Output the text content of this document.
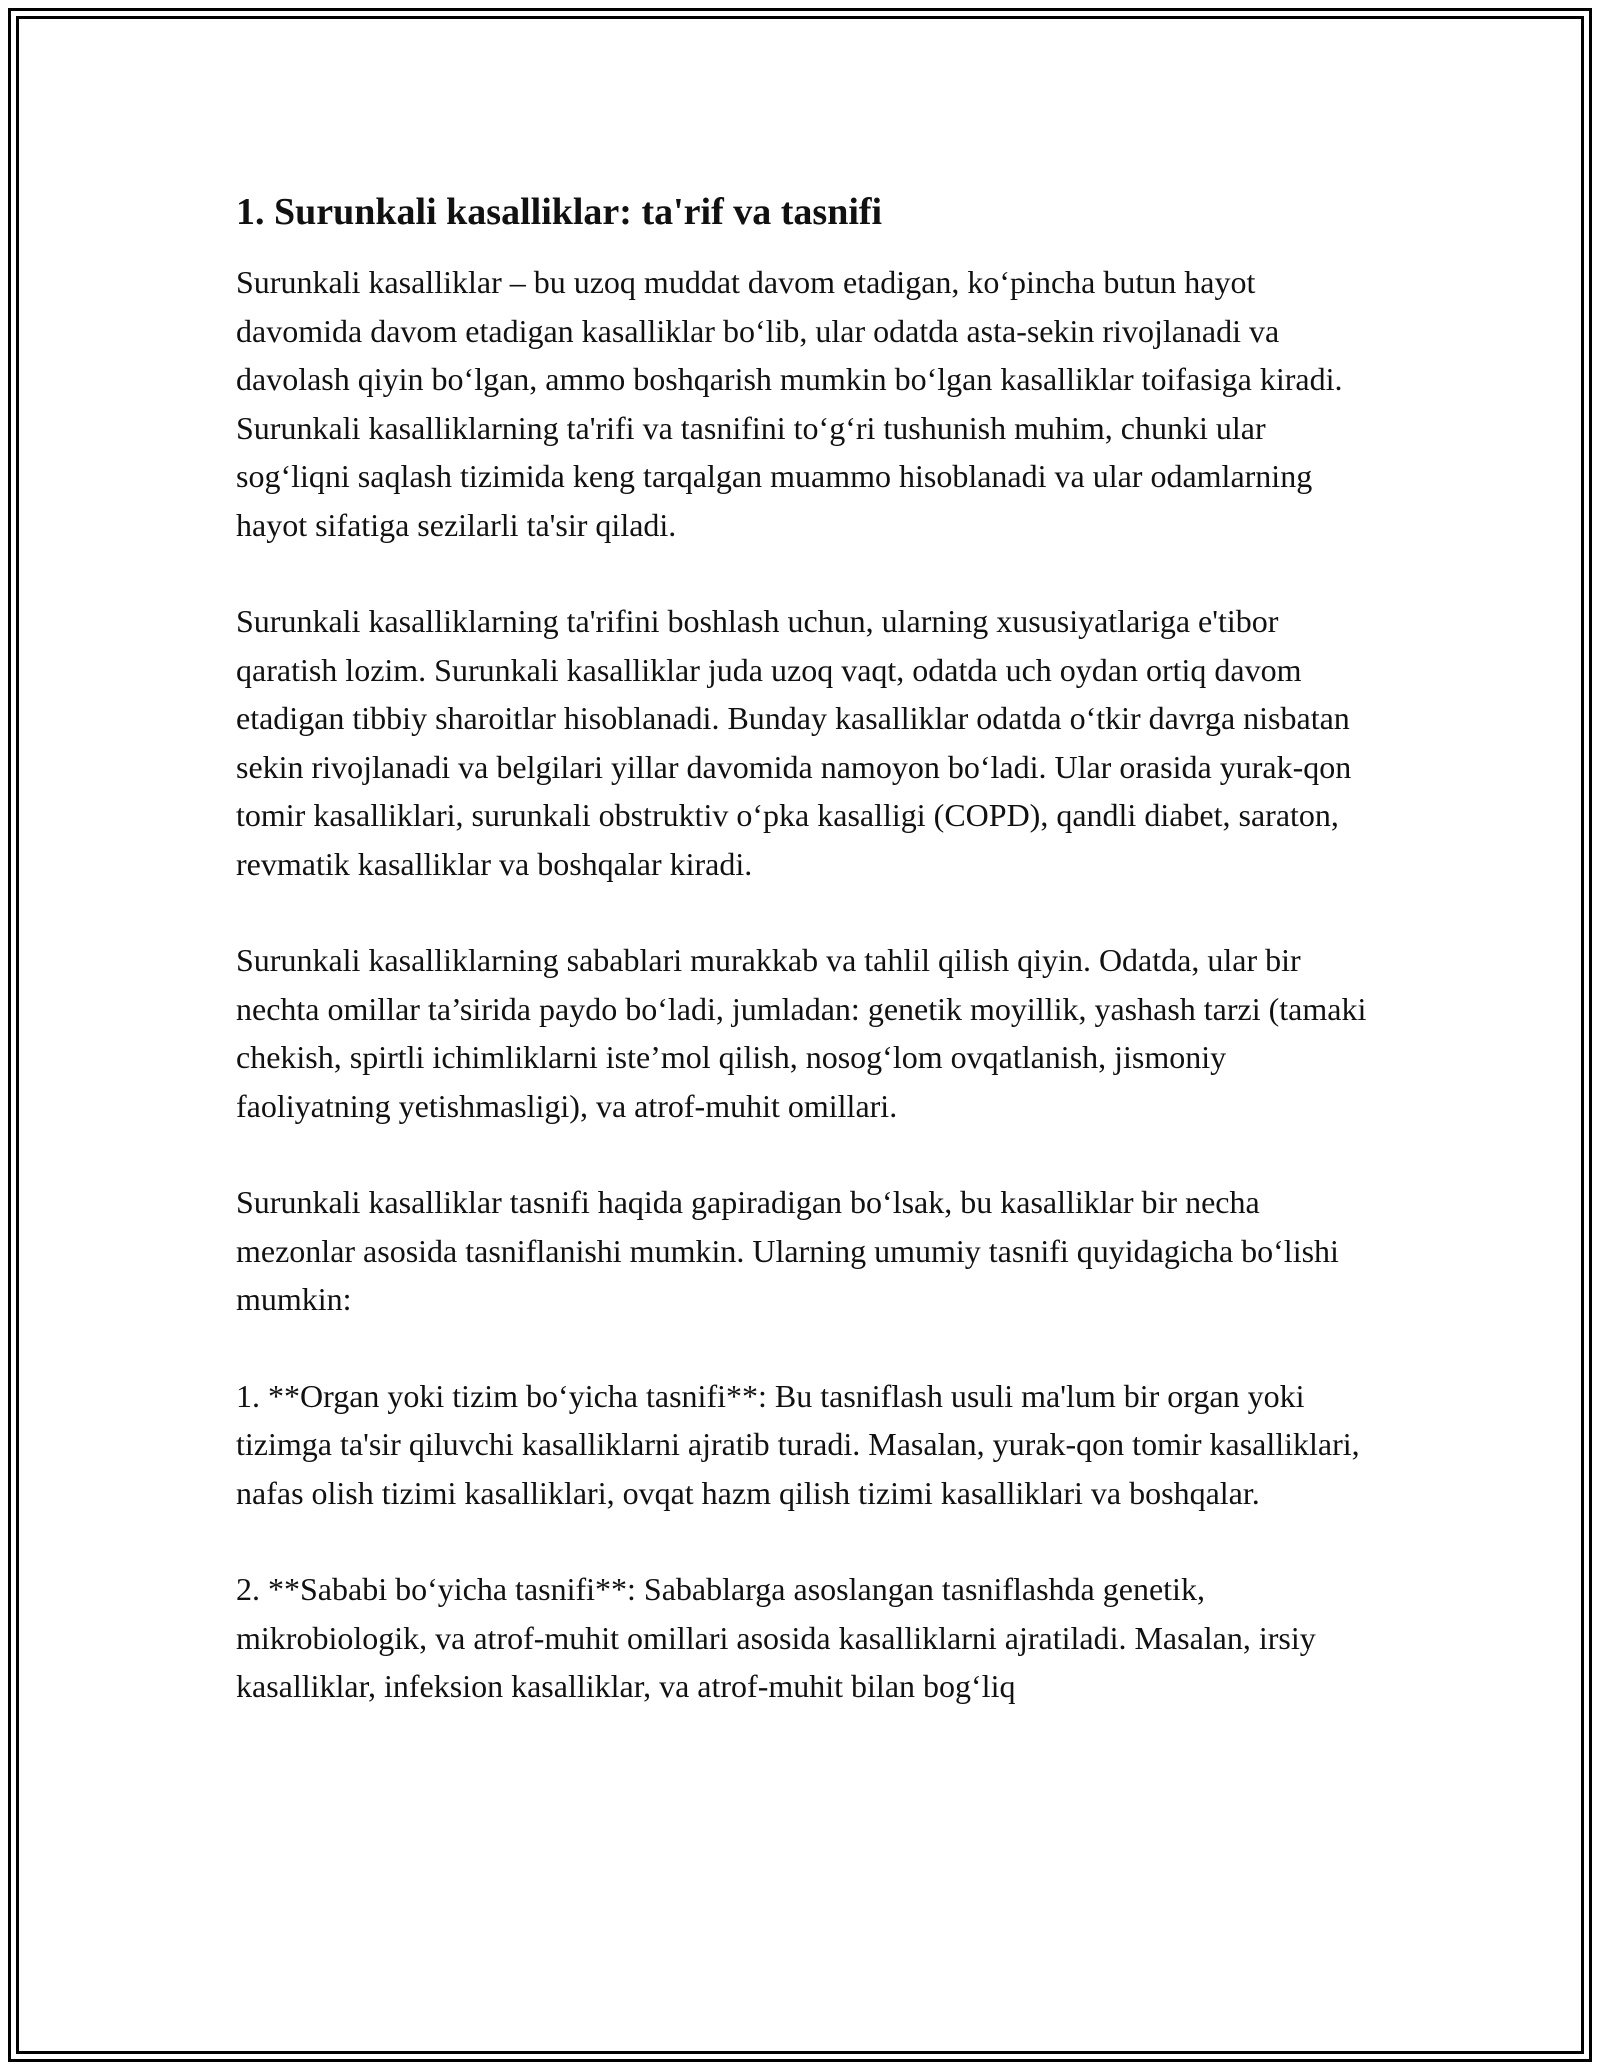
1. Surunkali kasalliklar: ta'rif va tasnifi

Surunkali kasalliklar – bu uzoq muddat davom etadigan, ko‘pincha butun hayot davomida davom etadigan kasalliklar bo‘lib, ular odatda asta-sekin rivojlanadi va davolash qiyin bo‘lgan, ammo boshqarish mumkin bo‘lgan kasalliklar toifasiga kiradi. Surunkali kasalliklarning ta'rifi va tasnifini to‘g‘ri tushunish muhim, chunki ular sog‘liqni saqlash tizimida keng tarqalgan muammo hisoblanadi va ular odamlarning hayot sifatiga sezilarli ta'sir qiladi.

Surunkali kasalliklarning ta'rifini boshlash uchun, ularning xususiyatlariga e'tibor qaratish lozim. Surunkali kasalliklar juda uzoq vaqt, odatda uch oydan ortiq davom etadigan tibbiy sharoitlar hisoblanadi. Bunday kasalliklar odatda o‘tkir davrga nisbatan sekin rivojlanadi va belgilari yillar davomida namoyon bo‘ladi. Ular orasida yurak-qon tomir kasalliklari, surunkali obstruktiv o‘pka kasalligi (COPD), qandli diabet, saraton, revmatik kasalliklar va boshqalar kiradi.

Surunkali kasalliklarning sabablari murakkab va tahlil qilish qiyin. Odatda, ular bir nechta omillar ta’sirida paydo bo‘ladi, jumladan: genetik moyillik, yashash tarzi (tamaki chekish, spirtli ichimliklarni iste’mol qilish, nosog‘lom ovqatlanish, jismoniy faoliyatning yetishmasligi), va atrof-muhit omillari.

Surunkali kasalliklar tasnifi haqida gapiradigan bo‘lsak, bu kasalliklar bir necha mezonlar asosida tasniflanishi mumkin. Ularning umumiy tasnifi quyidagicha bo‘lishi mumkin:

1. **Organ yoki tizim bo‘yicha tasnifi**: Bu tasniflash usuli ma'lum bir organ yoki tizimga ta'sir qiluvchi kasalliklarni ajratib turadi. Masalan, yurak-qon tomir kasalliklari, nafas olish tizimi kasalliklari, ovqat hazm qilish tizimi kasalliklari va boshqalar.

2. **Sababi bo‘yicha tasnifi**: Sabablarga asoslangan tasniflashda genetik, mikrobiologik, va atrof-muhit omillari asosida kasalliklarni ajratiladi. Masalan, irsiy kasalliklar, infeksion kasalliklar, va atrof-muhit bilan bog‘liq
